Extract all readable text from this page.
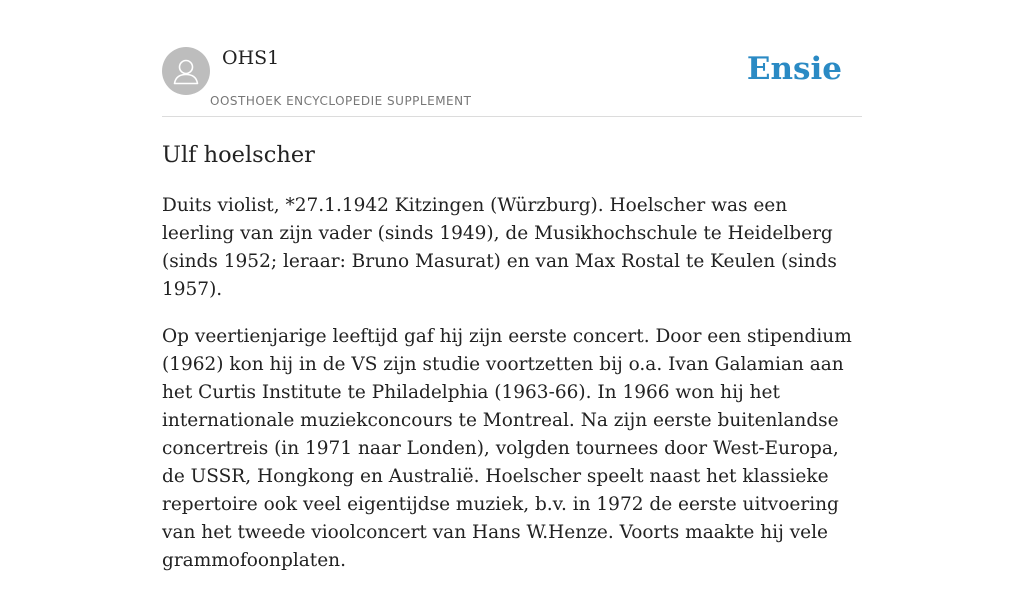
OHS1
OOSTHOEK ENCYCLOPEDIE SUPPLEMENT
Ensie
Ulf hoelscher

Duits violist, *27.1.1942 Kitzingen (Würzburg). Hoelscher was een leerling van zijn vader (sinds 1949), de Musikhochschule te Heidelberg (sinds 1952; leraar: Bruno Masurat) en van Max Rostal te Keulen (sinds 1957).

Op veertienjarige leeftijd gaf hij zijn eerste concert. Door een stipendium (1962) kon hij in de VS zijn studie voortzetten bij o.a. Ivan Galamian aan het Curtis Institute te Philadelphia (1963-66). In 1966 won hij het internationale muziekconcours te Montreal. Na zijn eerste buitenlandse concertreis (in 1971 naar Londen), volgden tournees door West-Europa, de USSR, Hongkong en Australië. Hoelscher speelt naast het klassieke repertoire ook veel eigentijdse muziek, b.v. in 1972 de eerste uitvoering van het tweede vioolconcert van Hans W.Henze. Voorts maakte hij vele grammofoonplaten.
